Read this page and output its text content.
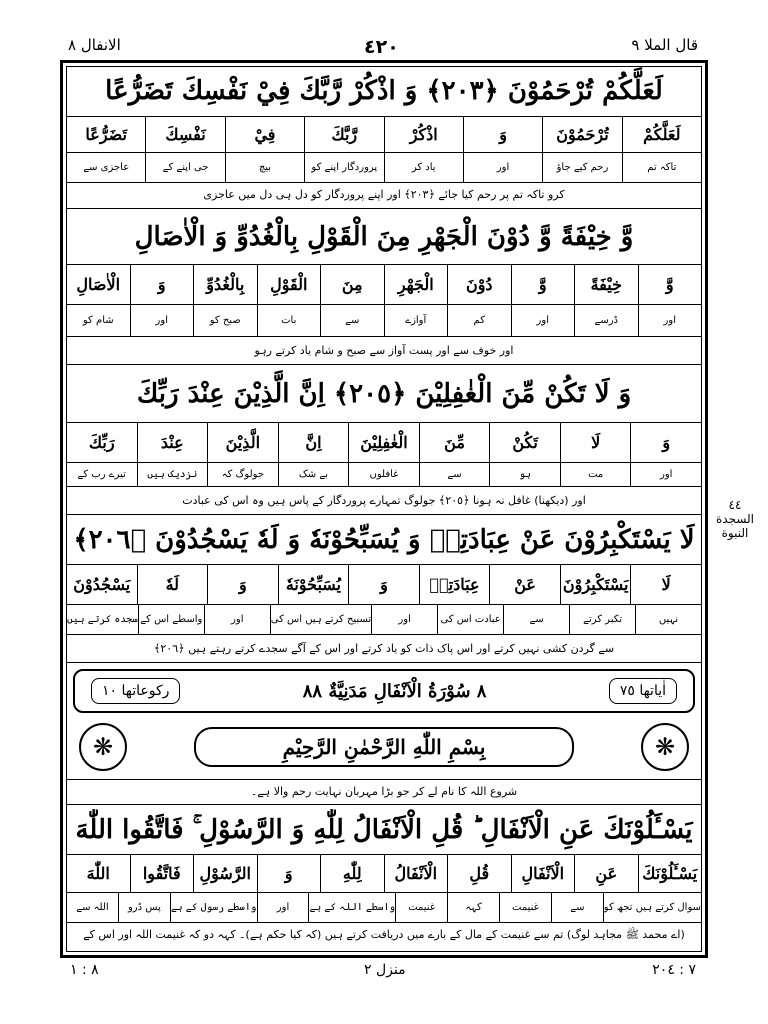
قال الملا ٩
٤٢٠
الانفال ٨
٤٤
السجدة
النبوة
لَعَلَّكُمْ تُرْحَمُوْنَ ﴿٢٠٣﴾ وَ اذْكُرْ رَّبَّكَ فِيْ نَفْسِكَ تَضَرُّعًا
لَعَلَّكُمْ
تُرْحَمُوْنَ
وَ
اذْكُرْ
رَّبَّكَ
فِيْ
نَفْسِكَ
تَضَرُّعًا
تاکہ تم
رحم کیے جاؤ
اور
یاد کر
پروردگار اپنے کو
بیچ
جی اپنے کے
عاجزی سے
کرو تاکہ تم پر رحم کیا جائے ﴿٢٠٣﴾ اور اپنے پروردگار کو دل ہی دل میں عاجزی
وَّ خِيْفَةً وَّ دُوْنَ الْجَهْرِ مِنَ الْقَوْلِ بِالْغُدُوِّ وَ الْاٰصَالِ
وَّ
خِيْفَةً
وَّ
دُوْنَ
الْجَهْرِ
مِنَ
الْقَوْلِ
بِالْغُدُوِّ
وَ
الْاٰصَالِ
اور
ڈرسے
اور
کم
آوازے
سے
بات
صبح کو
اور
شام کو
اور خوف سے اور پست آواز سے صبح و شام یاد کرتے رہو
وَ لَا تَكُنْ مِّنَ الْغٰفِلِيْنَ ﴿٢٠٥﴾ اِنَّ الَّذِيْنَ عِنْدَ رَبِّكَ
وَ
لَا
تَكُنْ
مِّنَ
الْغٰفِلِيْنَ
اِنَّ
الَّذِيْنَ
عِنْدَ
رَبِّكَ
اور
مت
ہو
سے
غافلوں
بے شک
جولوگ کہ
نزدیک ہیں
تیرے رب کے
اور (دیکھنا) غافل نہ ہونا ﴿٢٠٥﴾ جولوگ تمہارے پروردگار کے پاس ہیں وہ اس کی عبادت
لَا يَسْتَكْبِرُوْنَ عَنْ عِبَادَتِهٖ وَ يُسَبِّحُوْنَهٗ وَ لَهٗ يَسْجُدُوْنَ ﴿٢٠٦﴾
لَا
يَسْتَكْبِرُوْنَ
عَنْ
عِبَادَتِهٖ
وَ
يُسَبِّحُوْنَهٗ
وَ
لَهٗ
يَسْجُدُوْنَ
نہیں
تکبر کرتے
سے
عبادت اس کی
اور
تسبیح کرتے ہیں اس کی
اور
واسطے اس کے
سجدہ کرتے ہیں
سے گردن کشی نہیں کرتے اور اس پاک ذات کو یاد کرتے اور اس کے آگے سجدے کرتے رہتے ہیں ﴿٢٠٦﴾
اٰیاتھا ٧٥
٨ سُوْرَةُ الْاَنْفَالِ مَدَنِيَّةٌ ٨٨
رکوعاتھا ١٠
❋	بِسْمِ اللّٰهِ الرَّحْمٰنِ الرَّحِيْمِ	❋
شروع اللہ کا نام لے کر جو بڑا مہربان نہایت رحم والا ہے۔
يَسْـَٔلُوْنَكَ عَنِ الْاَنْفَالِ ؕ قُلِ الْاَنْفَالُ لِلّٰهِ وَ الرَّسُوْلِ ۚ فَاتَّقُوا اللّٰهَ
يَسْـَٔلُوْنَكَ
عَنِ
الْاَنْفَالِ
قُلِ
الْاَنْفَالُ
لِلّٰهِ
وَ
الرَّسُوْلِ
فَاتَّقُوا
اللّٰهَ
سوال کرتے ہیں تجھ کو
سے
غنیمت
کہہ
غنیمت
واسطے اللہ کے ہے
اور
واسطے رسول کے ہے
پس ڈرو
اللہ سے
(اے محمد ﷺ مجاہد لوگ) تم سے غنیمت کے مال کے بارے میں دریافت کرتے ہیں (کہ کیا حکم ہے)۔ کہہ دو کہ غنیمت اللہ اور اس کے
٧ : ٢٠٤
منزل ٢
٨ : ١
